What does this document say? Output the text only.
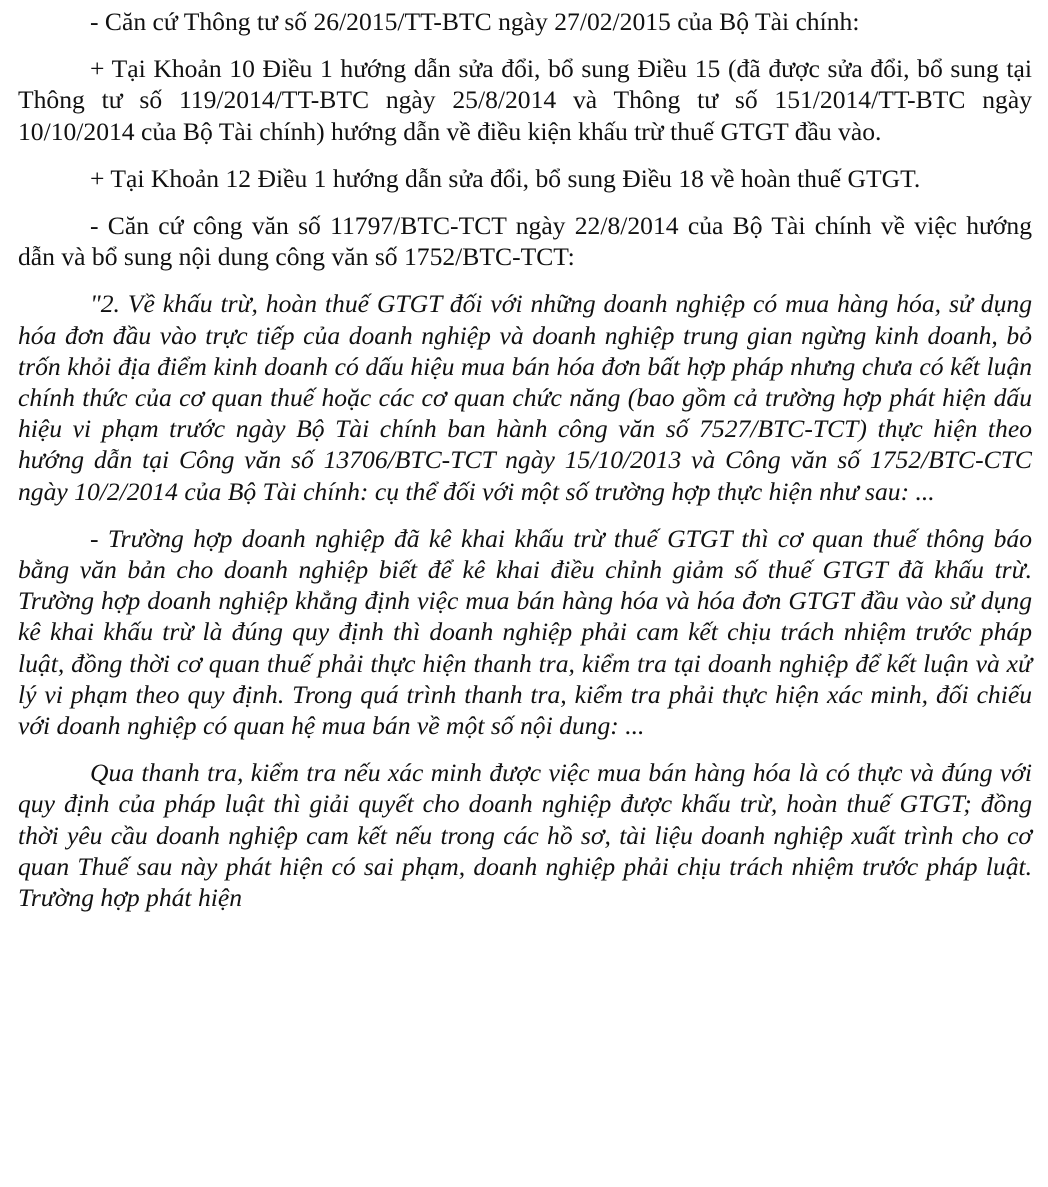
- Căn cứ Thông tư số 26/2015/TT-BTC ngày 27/02/2015 của Bộ Tài chính:

+ Tại Khoản 10 Điều 1 hướng dẫn sửa đổi, bổ sung Điều 15 (đã được sửa đổi, bổ sung tại Thông tư số 119/2014/TT-BTC ngày 25/8/2014 và Thông tư số 151/2014/TT-BTC ngày 10/10/2014 của Bộ Tài chính) hướng dẫn về điều kiện khấu trừ thuế GTGT đầu vào.

+ Tại Khoản 12 Điều 1 hướng dẫn sửa đổi, bổ sung Điều 18 về hoàn thuế GTGT.

- Căn cứ công văn số 11797/BTC-TCT ngày 22/8/2014 của Bộ Tài chính về việc hướng dẫn và bổ sung nội dung công văn số 1752/BTC-TCT:

"2. Về khấu trừ, hoàn thuế GTGT đối với những doanh nghiệp có mua hàng hóa, sử dụng hóa đơn đầu vào trực tiếp của doanh nghiệp và doanh nghiệp trung gian ngừng kinh doanh, bỏ trốn khỏi địa điểm kinh doanh có dấu hiệu mua bán hóa đơn bất hợp pháp nhưng chưa có kết luận chính thức của cơ quan thuế hoặc các cơ quan chức năng (bao gồm cả trường hợp phát hiện dấu hiệu vi phạm trước ngày Bộ Tài chính ban hành công văn số 7527/BTC-TCT) thực hiện theo hướng dẫn tại Công văn số 13706/BTC-TCT ngày 15/10/2013 và Công văn số 1752/BTC-CTC ngày 10/2/2014 của Bộ Tài chính: cụ thể đối với một số trường hợp thực hiện như sau: ...

- Trường hợp doanh nghiệp đã kê khai khấu trừ thuế GTGT thì cơ quan thuế thông báo bằng văn bản cho doanh nghiệp biết để kê khai điều chỉnh giảm số thuế GTGT đã khấu trừ. Trường hợp doanh nghiệp khẳng định việc mua bán hàng hóa và hóa đơn GTGT đầu vào sử dụng kê khai khấu trừ là đúng quy định thì doanh nghiệp phải cam kết chịu trách nhiệm trước pháp luật, đồng thời cơ quan thuế phải thực hiện thanh tra, kiểm tra tại doanh nghiệp để kết luận và xử lý vi phạm theo quy định. Trong quá trình thanh tra, kiểm tra phải thực hiện xác minh, đối chiếu với doanh nghiệp có quan hệ mua bán về một số nội dung: ...

Qua thanh tra, kiểm tra nếu xác minh được việc mua bán hàng hóa là có thực và đúng với quy định của pháp luật thì giải quyết cho doanh nghiệp được khấu trừ, hoàn thuế GTGT; đồng thời yêu cầu doanh nghiệp cam kết nếu trong các hồ sơ, tài liệu doanh nghiệp xuất trình cho cơ quan Thuế sau này phát hiện có sai phạm, doanh nghiệp phải chịu trách nhiệm trước pháp luật. Trường hợp phát hiện
